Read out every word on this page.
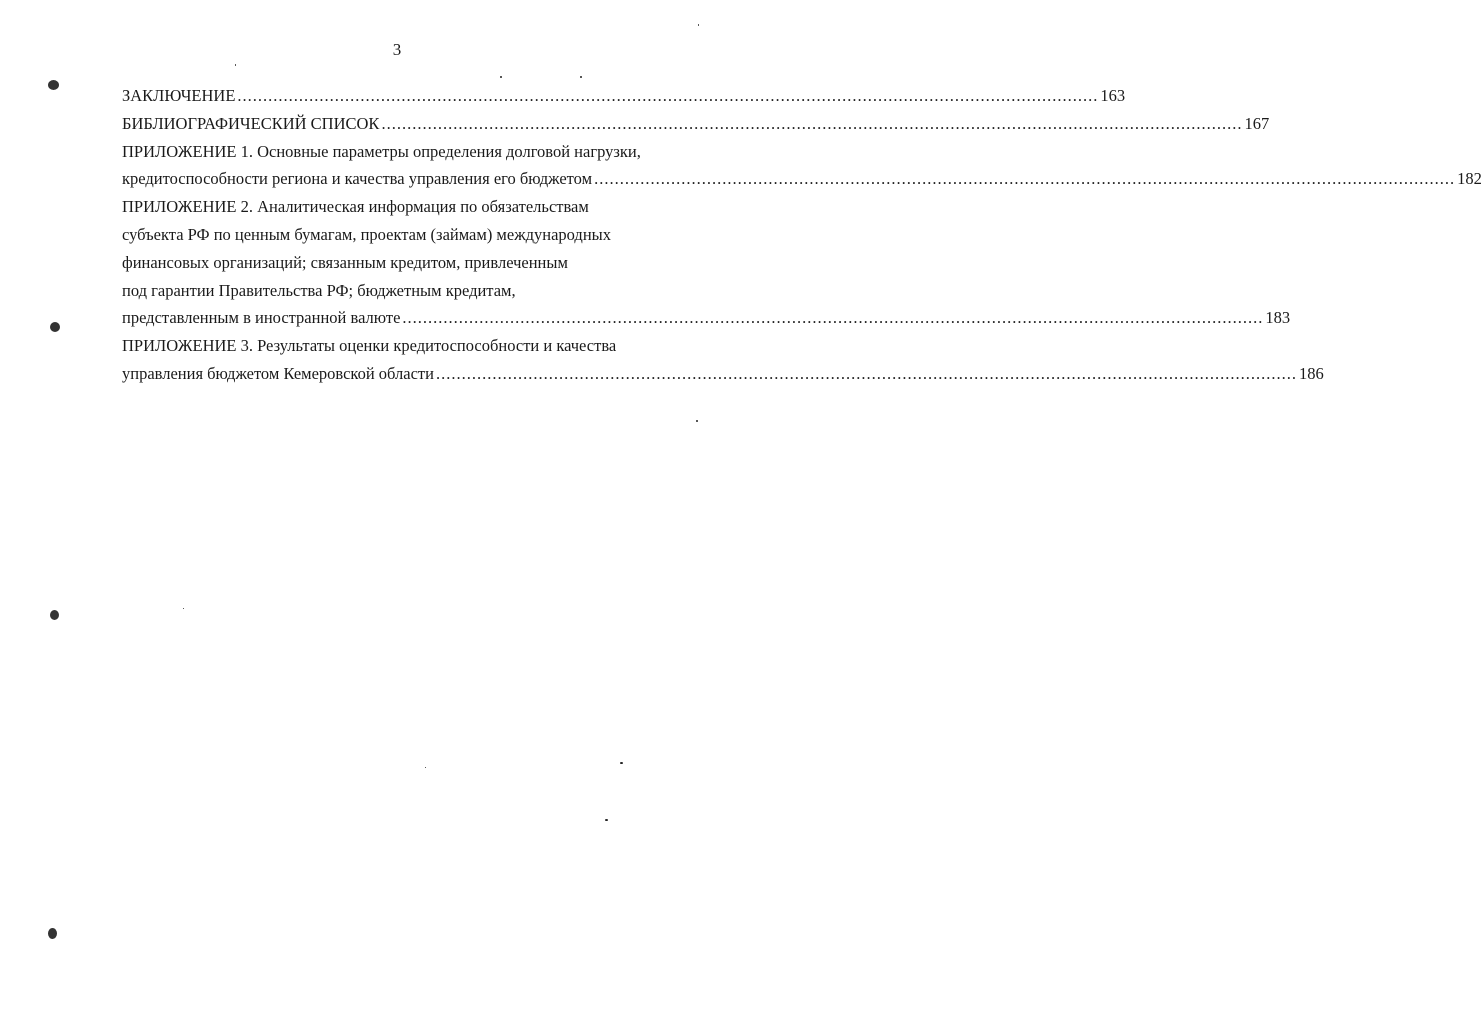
3
ЗАКЛЮЧЕНИЕ ........................................................................................................................................................................ 163
БИБЛИОГРАФИЧЕСКИЙ СПИСОК ........................................................................................................................................................................ 167
ПРИЛОЖЕНИЕ 1. Основные параметры определения долговой нагрузки,
кредитоспособности региона и качества управления его бюджетом ........................................................................................................................................................................ 182
ПРИЛОЖЕНИЕ 2. Аналитическая информация по обязательствам
субъекта РФ по ценным бумагам, проектам (займам) международных
финансовых организаций; связанным кредитом, привлеченным
под гарантии Правительства РФ; бюджетным кредитам,
представленным в иностранной валюте ........................................................................................................................................................................ 183
ПРИЛОЖЕНИЕ 3. Результаты оценки кредитоспособности и качества
управления бюджетом Кемеровской области ........................................................................................................................................................................ 186
